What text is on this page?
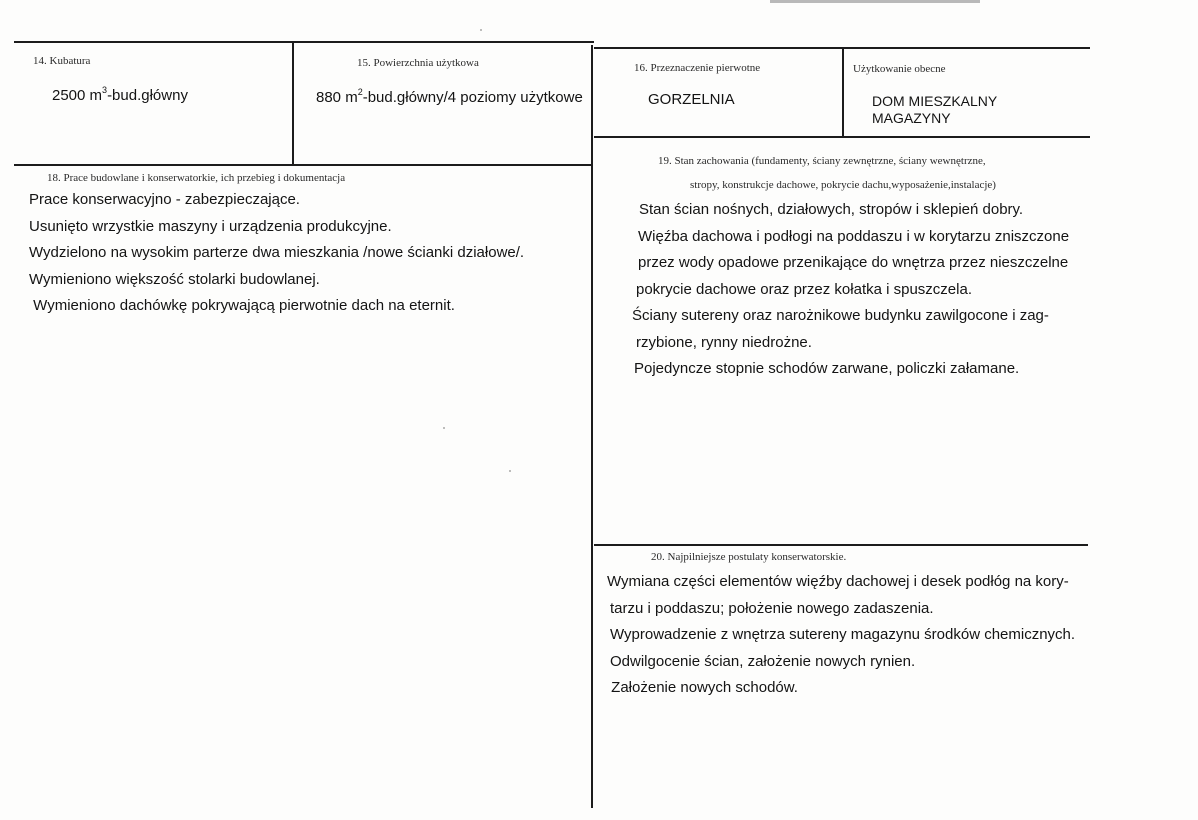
14. Kubatura
2500 $m^3-bud.główny$
15. Powierzchnia użytkowa
880 $m^2-bud.główny/4$ poziomy użytkowe
16. Przeznaczenie pierwotne
GORZELNIA
Użytkowanie obecne
DOM MIESZKALNY
MAGAZYNY
18. Prace budowlane i konserwatorkie, ich przebieg i dokumentacja
Prace konserwacyjno - zabezpieczające.
Usunięto wrzystkie maszyny i urządzenia produkcyjne.
Wydzielono na wysokim parterze dwa mieszkania /nowe ścianki działowe/.
Wymieniono większość stolarki budowlanej.
Wymieniono dachówkę pokrywającą pierwotnie dach na eternit.
19. Stan zachowania (fundamenty, ściany zewnętrzne, ściany wewnętrzne,
stropy, konstrukcje dachowe, pokrycie dachu,wyposażenie,instalacje)
Stan ścian nośnych, działowych, stropów i sklepień dobry.
Więźba dachowa i podłogi na poddaszu i w korytarzu zniszczone
przez wody opadowe przenikające do wnętrza przez nieszczelne
pokrycie dachowe oraz przez kołatka i spuszczela.
Ściany sutereny oraz narożnikowe budynku zawilgocone i zag-
rzybione, rynny niedrożne.
Pojedyncze stopnie schodów zarwane, policzki załamane.
20. Najpilniejsze postulaty konserwatorskie.
Wymiana części elementów więźby dachowej i desek podłóg na kory-
tarzu i poddaszu; położenie nowego zadaszenia.
Wyprowadzenie z wnętrza sutereny magazynu środków chemicznych.
Odwilgocenie ścian, założenie nowych rynien.
Założenie nowych schodów.
